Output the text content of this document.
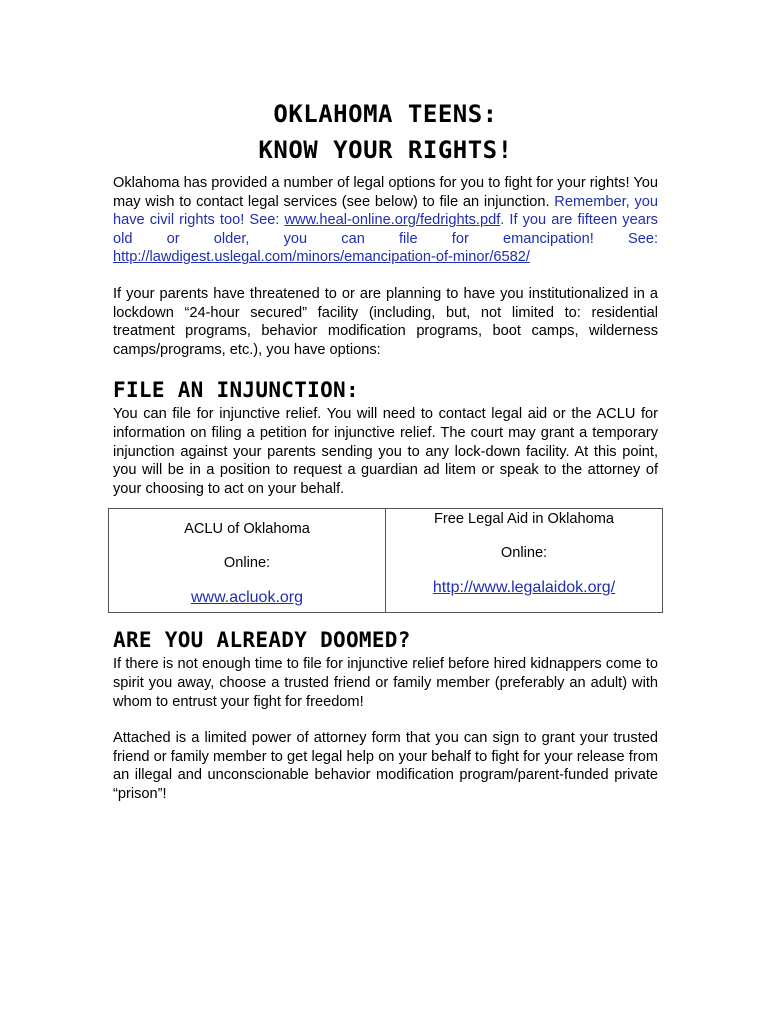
OKLAHOMA TEENS:
KNOW YOUR RIGHTS!

Oklahoma has provided a number of legal options for you to fight for your rights! You may wish to contact legal services (see below) to file an injunction. Remember, you have civil rights too! See: www.heal-online.org/fedrights.pdf. If you are fifteen years old or older, you can file for emancipation! See: http://lawdigest.uslegal.com/minors/emancipation-of-minor/6582/

If your parents have threatened to or are planning to have you institutionalized in a lockdown “24-hour secured” facility (including, but, not limited to: residential treatment programs, behavior modification programs, boot camps, wilderness camps/programs, etc.), you have options:

FILE AN INJUNCTION:

You can file for injunctive relief. You will need to contact legal aid or the ACLU for information on filing a petition for injunctive relief. The court may grant a temporary injunction against your parents sending you to any lock-down facility. At this point, you will be in a position to request a guardian ad litem or speak to the attorney of your choosing to act on your behalf.

ACLU of Oklahoma
Online:
www.acluok.org

Free Legal Aid in Oklahoma
Online:
http://www.legalaidok.org/
ARE YOU ALREADY DOOMED?

If there is not enough time to file for injunctive relief before hired kidnappers come to spirit you away, choose a trusted friend or family member (preferably an adult) with whom to entrust your fight for freedom!

Attached is a limited power of attorney form that you can sign to grant your trusted friend or family member to get legal help on your behalf to fight for your release from an illegal and unconscionable behavior modification program/parent-funded private “prison”!
